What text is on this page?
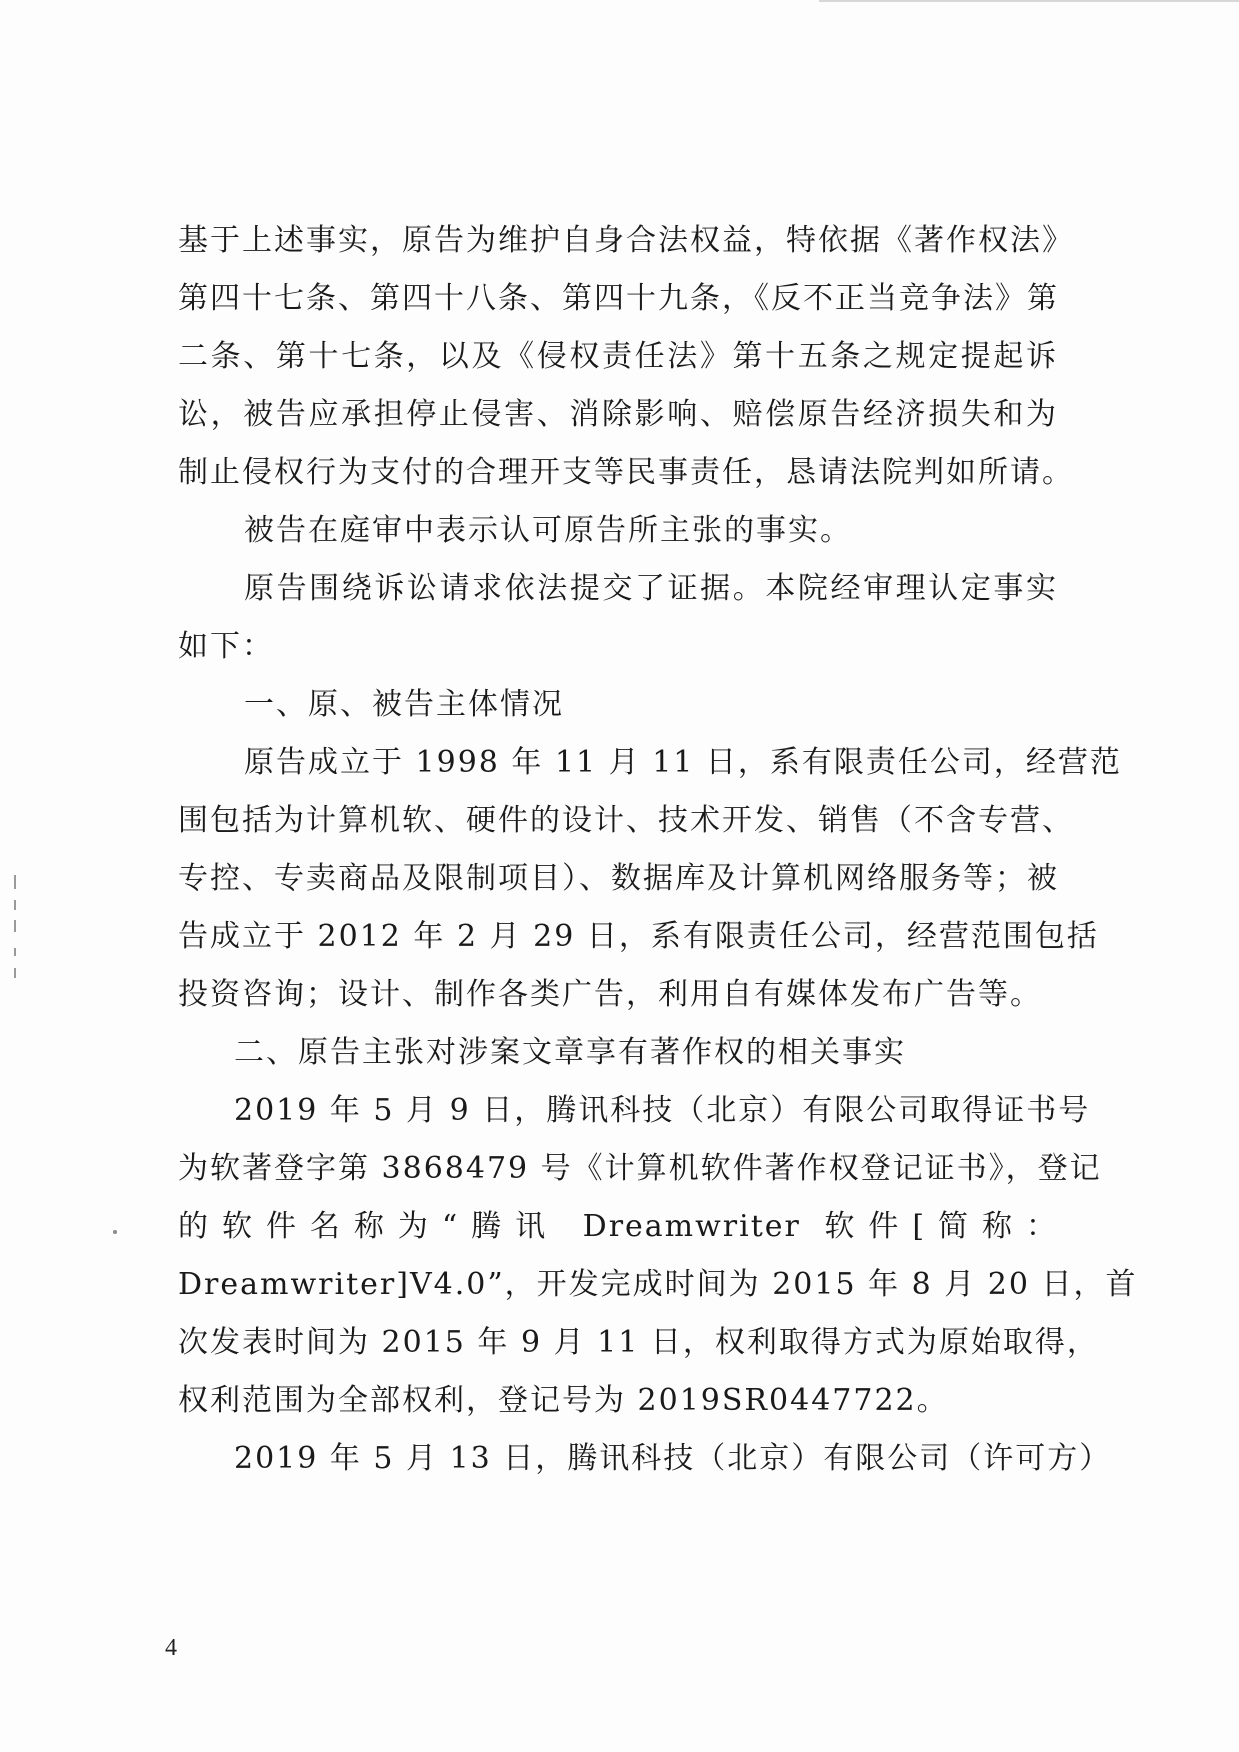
基于上述事实，原告为维护自身合法权益，特依据《著作权法》
第四十七条、第四十八条、第四十九条，《反不正当竞争法》第
二条、第十七条，以及《侵权责任法》第十五条之规定提起诉
讼，被告应承担停止侵害、消除影响、赔偿原告经济损失和为
制止侵权行为支付的合理开支等民事责任，恳请法院判如所请。
被告在庭审中表示认可原告所主张的事实。
原告围绕诉讼请求依法提交了证据。本院经审理认定事实
如下：
一、原、被告主体情况
原告成立于 1998 年 11 月 11 日，系有限责任公司，经营范
围包括为计算机软、硬件的设计、技术开发、销售（不含专营、
专控、专卖商品及限制项目）、数据库及计算机网络服务等；被
告成立于 2012 年 2 月 29 日，系有限责任公司，经营范围包括
投资咨询；设计、制作各类广告，利用自有媒体发布广告等。
二、原告主张对涉案文章享有著作权的相关事实
2019 年 5 月 9 日，腾讯科技（北京）有限公司取得证书号
为软著登字第 3868479 号《计算机软件著作权登记证书》，登记
的软件名称为“腾讯 Dreamwriter 软件[简称：
Dreamwriter]V4.0”，开发完成时间为 2015 年 8 月 20 日，首
次发表时间为 2015 年 9 月 11 日，权利取得方式为原始取得，
权利范围为全部权利，登记号为 2019SR0447722。
2019 年 5 月 13 日，腾讯科技（北京）有限公司（许可方）
4
